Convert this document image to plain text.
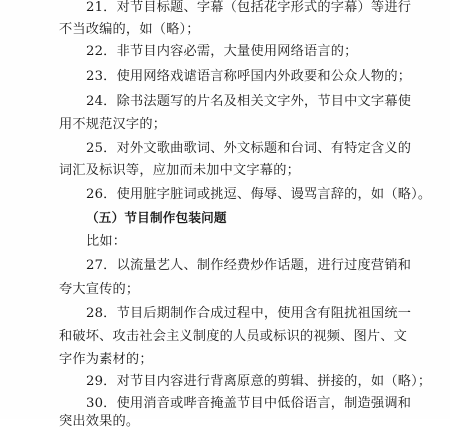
21．对节目标题、字幕（包括花字形式的字幕）等进行
不当改编的，如（略）；
22．非节目内容必需，大量使用网络语言的；
23．使用网络戏谑语言称呼国内外政要和公众人物的；
24．除书法题写的片名及相关文字外，节目中文字幕使
用不规范汉字的；
25．对外文歌曲歌词、外文标题和台词、有特定含义的
词汇及标识等，应加而未加中文字幕的；
26．使用脏字脏词或挑逗、侮辱、谩骂言辞的，如（略）。
（五）节目制作包装问题
比如：
27．以流量艺人、制作经费炒作话题，进行过度营销和
夸大宣传的；
28．节目后期制作合成过程中，使用含有阻扰祖国统一
和破坏、攻击社会主义制度的人员或标识的视频、图片、文
字作为素材的；
29．对节目内容进行背离原意的剪辑、拼接的，如（略）；
30．使用消音或哔音掩盖节目中低俗语言，制造强调和
突出效果的。
